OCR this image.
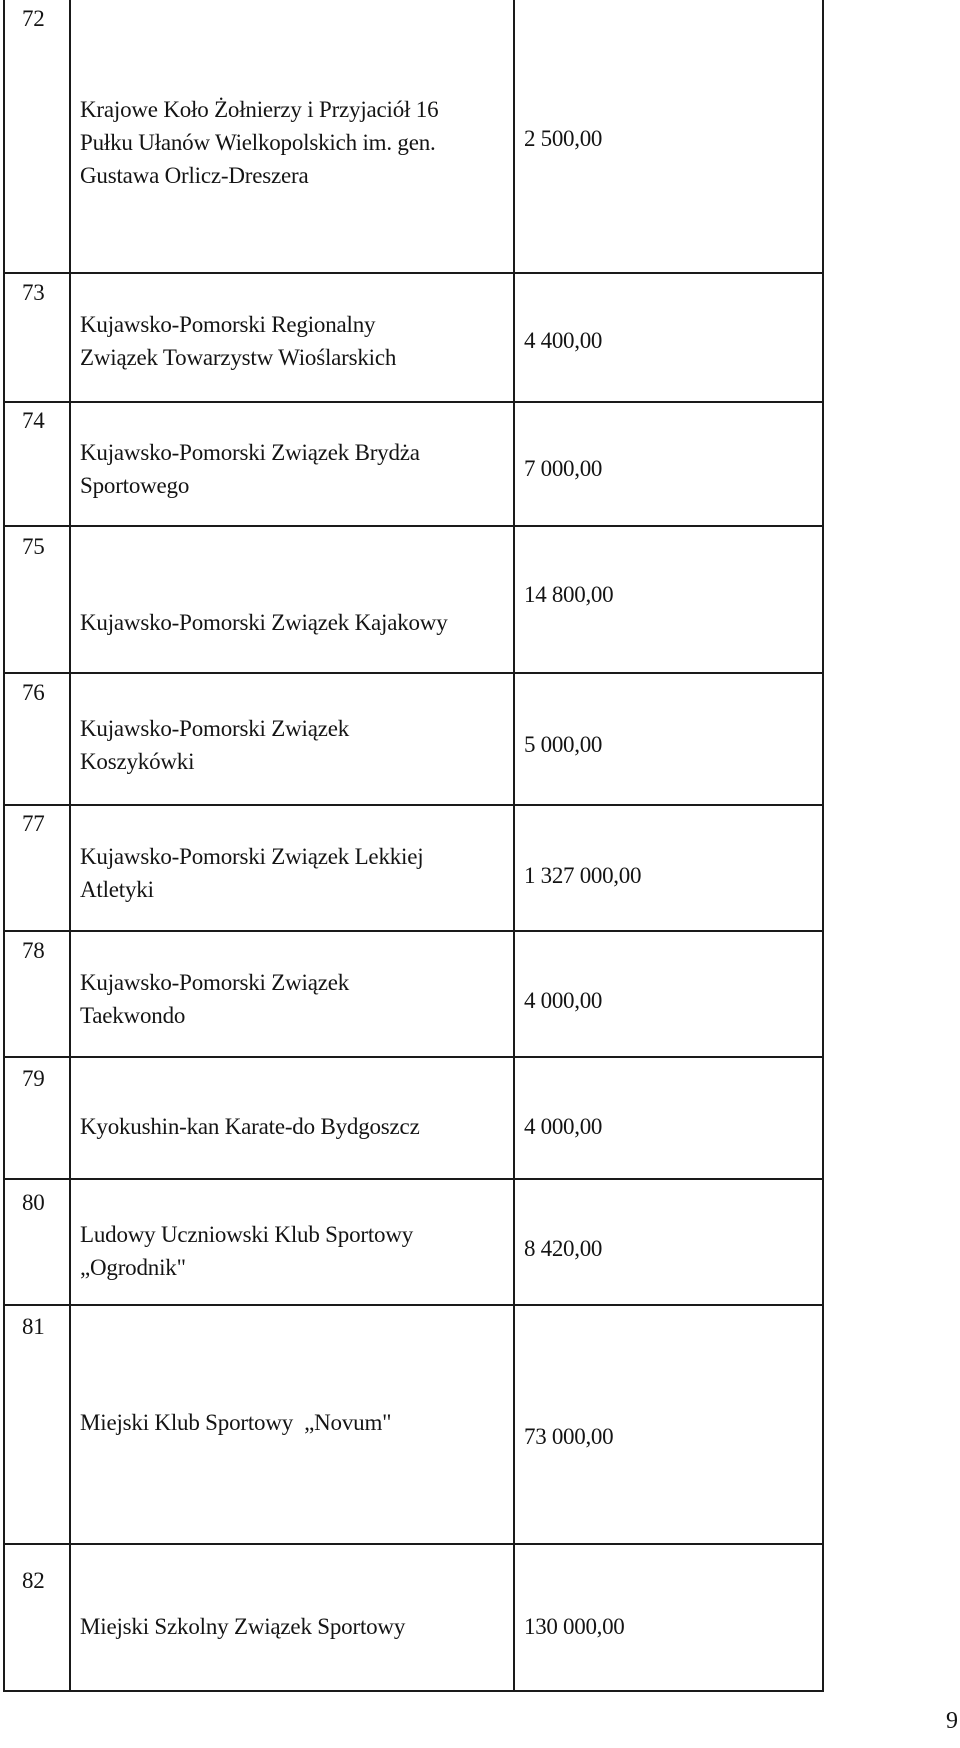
72
Krajowe Koło Żołnierzy i Przyjaciół 16
Pułku Ułanów Wielkopolskich im. gen.
Gustawa Orlicz-Dreszera
2 500,00
73
Kujawsko-Pomorski Regionalny
Związek Towarzystw Wioślarskich
4 400,00
74
Kujawsko-Pomorski Związek Brydża
Sportowego
7 000,00
75
Kujawsko-Pomorski Związek Kajakowy
14 800,00
76
Kujawsko-Pomorski Związek
Koszykówki
5 000,00
77
Kujawsko-Pomorski Związek Lekkiej
Atletyki
1 327 000,00
78
Kujawsko-Pomorski Związek
Taekwondo
4 000,00
79
Kyokushin-kan Karate-do Bydgoszcz	4 000,00
80
Ludowy Uczniowski Klub Sportowy
„Ogrodnik"
8 420,00
81
Miejski Klub Sportowy  „Novum"
73 000,00
82
Miejski Szkolny Związek Sportowy	130 000,00
9
